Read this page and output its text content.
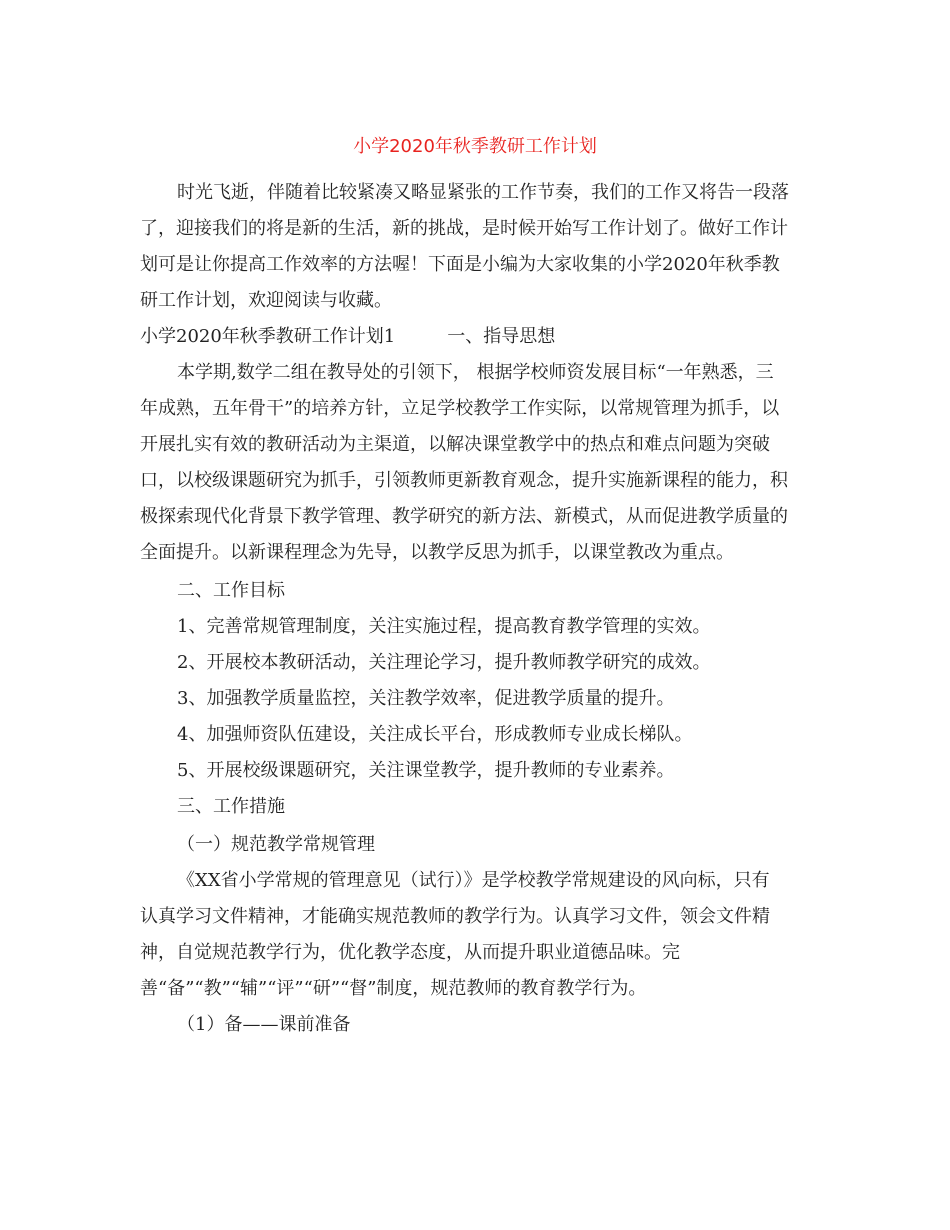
小学2020年秋季教研工作计划
时光飞逝，伴随着比较紧凑又略显紧张的工作节奏，我们的工作又将告一段落
了，迎接我们的将是新的生活，新的挑战，是时候开始写工作计划了。做好工作计
划可是让你提高工作效率的方法喔！下面是小编为大家收集的小学2020年秋季教
研工作计划，欢迎阅读与收藏。
小学2020年秋季教研工作计划1	一、指导思想
本学期,数学二组在教导处的引领下， 根据学校师资发展目标“一年熟悉，三
年成熟，五年骨干”的培养方针，立足学校教学工作实际，以常规管理为抓手，以
开展扎实有效的教研活动为主渠道，以解决课堂教学中的热点和难点问题为突破
口，以校级课题研究为抓手，引领教师更新教育观念，提升实施新课程的能力，积
极探索现代化背景下教学管理、教学研究的新方法、新模式，从而促进教学质量的
全面提升。以新课程理念为先导，以教学反思为抓手，以课堂教改为重点。
二、工作目标
1、完善常规管理制度，关注实施过程，提高教育教学管理的实效。
2、开展校本教研活动，关注理论学习，提升教师教学研究的成效。
3、加强教学质量监控，关注教学效率，促进教学质量的提升。
4、加强师资队伍建设，关注成长平台，形成教师专业成长梯队。
5、开展校级课题研究，关注课堂教学，提升教师的专业素养。
三、工作措施
（一）规范教学常规管理
《XX省小学常规的管理意见（试行）》是学校教学常规建设的风向标，只有
认真学习文件精神，才能确实规范教师的教学行为。认真学习文件，领会文件精
神，自觉规范教学行为，优化教学态度，从而提升职业道德品味。完
善“备”“教”“辅”“评”“研”“督”制度，规范教师的教育教学行为。
（1）备——课前准备
